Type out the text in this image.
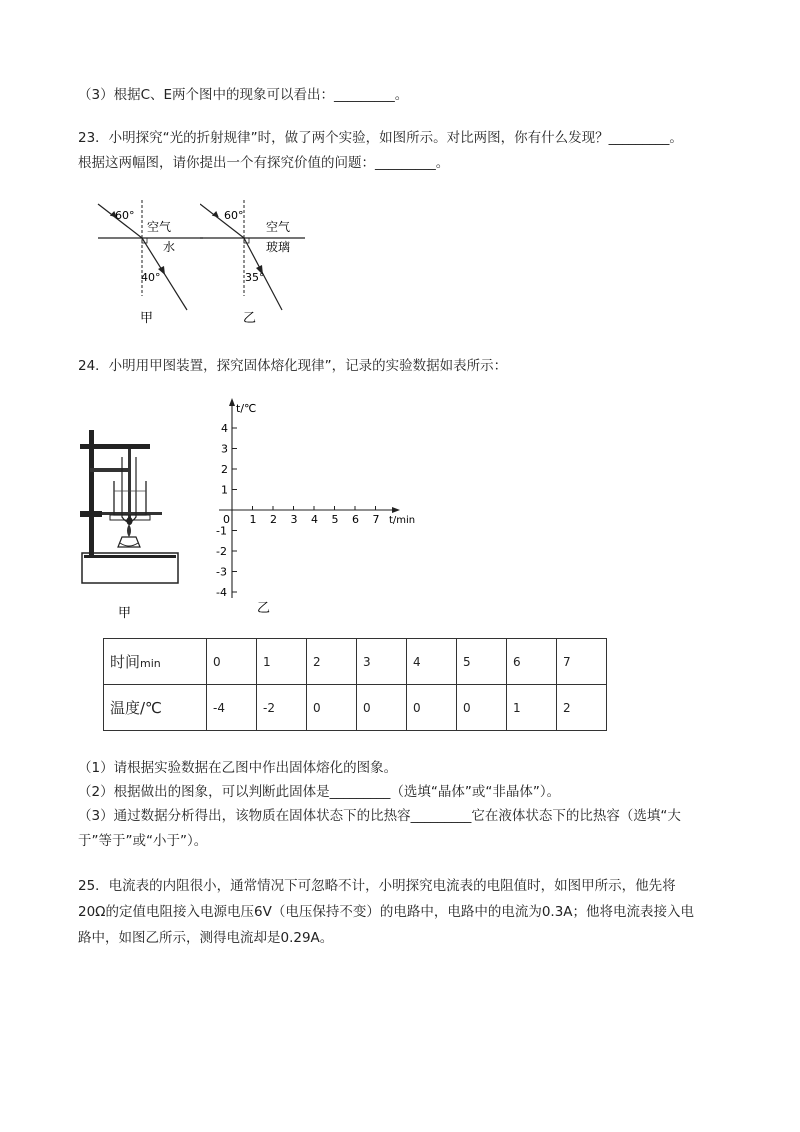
（3）根据C、E两个图中的现象可以看出：_________。
23．小明探究“光的折射规律”时，做了两个实验，如图所示。对比两图，你有什么发现？_________。
根据这两幅图，请你提出一个有探究价值的问题：_________。
60°
空气
水
40°
甲
60°
空气
玻璃
35°
乙
24．小明用甲图装置，探究固体熔化现律”，记录的实验数据如表所示：
甲
t/℃
t/min
0 1 2 3 4 5 6 7
4
3
2
1
-1
-2
-3
-4
乙
时间min	0	1	2	3	4	5	6	7
温度/℃	-4	-2	0	0	0	0	1	2
（1）请根据实验数据在乙图中作出固体熔化的图象。
（2）根据做出的图象，可以判断此固体是_________（选填“晶体”或“非晶体”）。
（3）通过数据分析得出，该物质在固体状态下的比热容_________它在液体状态下的比热容（选填“大
于”等于”或“小于”）。
25．电流表的内阻很小，通常情况下可忽略不计，小明探究电流表的电阻值时，如图甲所示，他先将
20Ω的定值电阻接入电源电压6V（电压保持不变）的电路中，电路中的电流为0.3A；他将电流表接入电
路中，如图乙所示，测得电流却是0.29A。
